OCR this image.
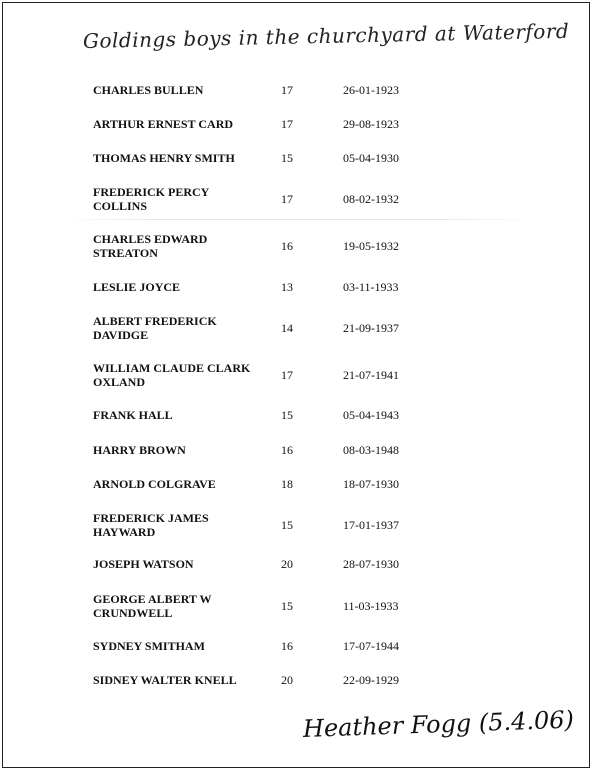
Goldings boys in the churchyard at Waterford
CHARLES BULLEN	17	26-01-1923
ARTHUR ERNEST CARD	17	29-08-1923
THOMAS HENRY SMITH	15	05-04-1930
FREDERICK PERCY COLLINS	17	08-02-1932
CHARLES EDWARD STREATON	16	19-05-1932
LESLIE JOYCE	13	03-11-1933
ALBERT FREDERICK DAVIDGE	14	21-09-1937
WILLIAM CLAUDE CLARK OXLAND	17	21-07-1941
FRANK HALL	15	05-04-1943
HARRY BROWN	16	08-03-1948
ARNOLD COLGRAVE	18	18-07-1930
FREDERICK JAMES HAYWARD	15	17-01-1937
JOSEPH WATSON	20	28-07-1930
GEORGE ALBERT W CRUNDWELL	15	11-03-1933
SYDNEY SMITHAM	16	17-07-1944
SIDNEY WALTER KNELL	20	22-09-1929
Heather Fogg (5.4.06)
